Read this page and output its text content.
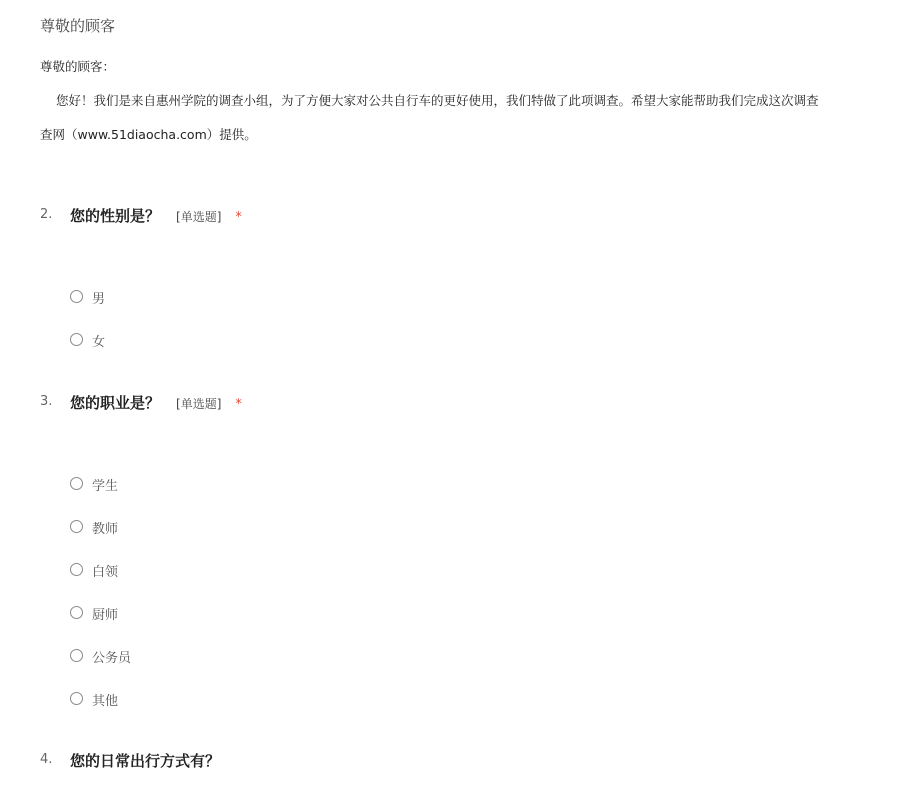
尊敬的顾客
尊敬的顾客：
您好！我们是来自惠州学院的调查小组，为了方便大家对公共自行车的更好使用，我们特做了此项调查。希望大家能帮助我们完成这次调查
查网（www.51diaocha.com）提供。
2. 您的性别是？ [单选题] *
男
女
3. 您的职业是？ [单选题] *
学生
教师
白领
厨师
公务员
其他
4. 您的日常出行方式有？
